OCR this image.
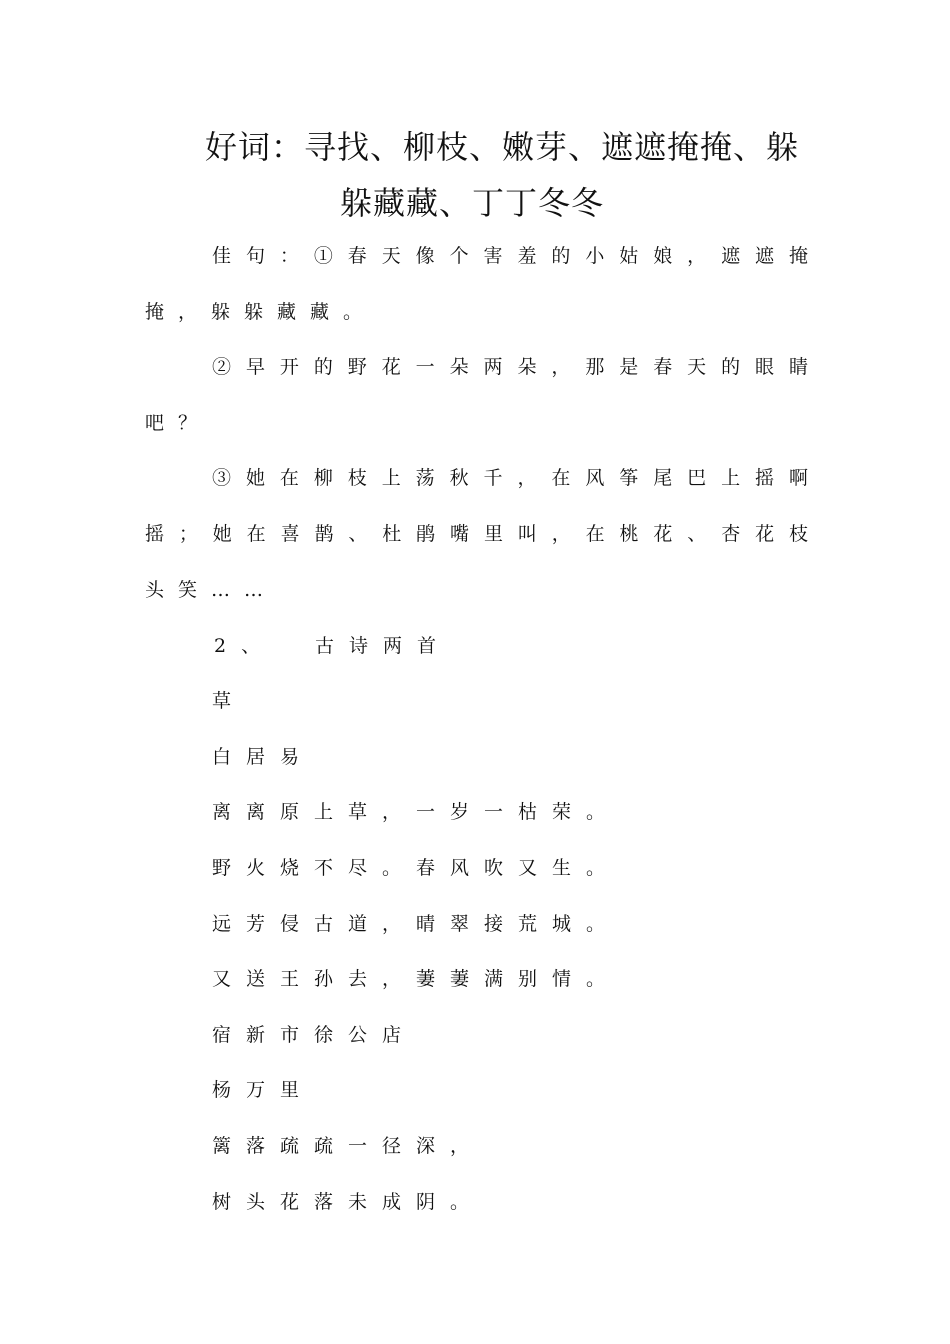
好词：寻找、柳枝、嫩芽、遮遮掩掩、躲
躲藏藏、丁丁冬冬
佳句：①春天像个害羞的小姑娘，遮遮掩
掩，躲躲藏藏。
②早开的野花一朵两朵，那是春天的眼睛
吧？
③她在柳枝上荡秋千，在风筝尾巴上摇啊
摇；她在喜鹊、杜鹃嘴里叫，在桃花、杏花枝
头笑……
2、 古诗两首
草
白居易
离离原上草，一岁一枯荣。
野火烧不尽。春风吹又生。
远芳侵古道，晴翠接荒城。
又送王孙去，萋萋满别情。
宿新市徐公店
杨万里
篱落疏疏一径深，
树头花落未成阴。
